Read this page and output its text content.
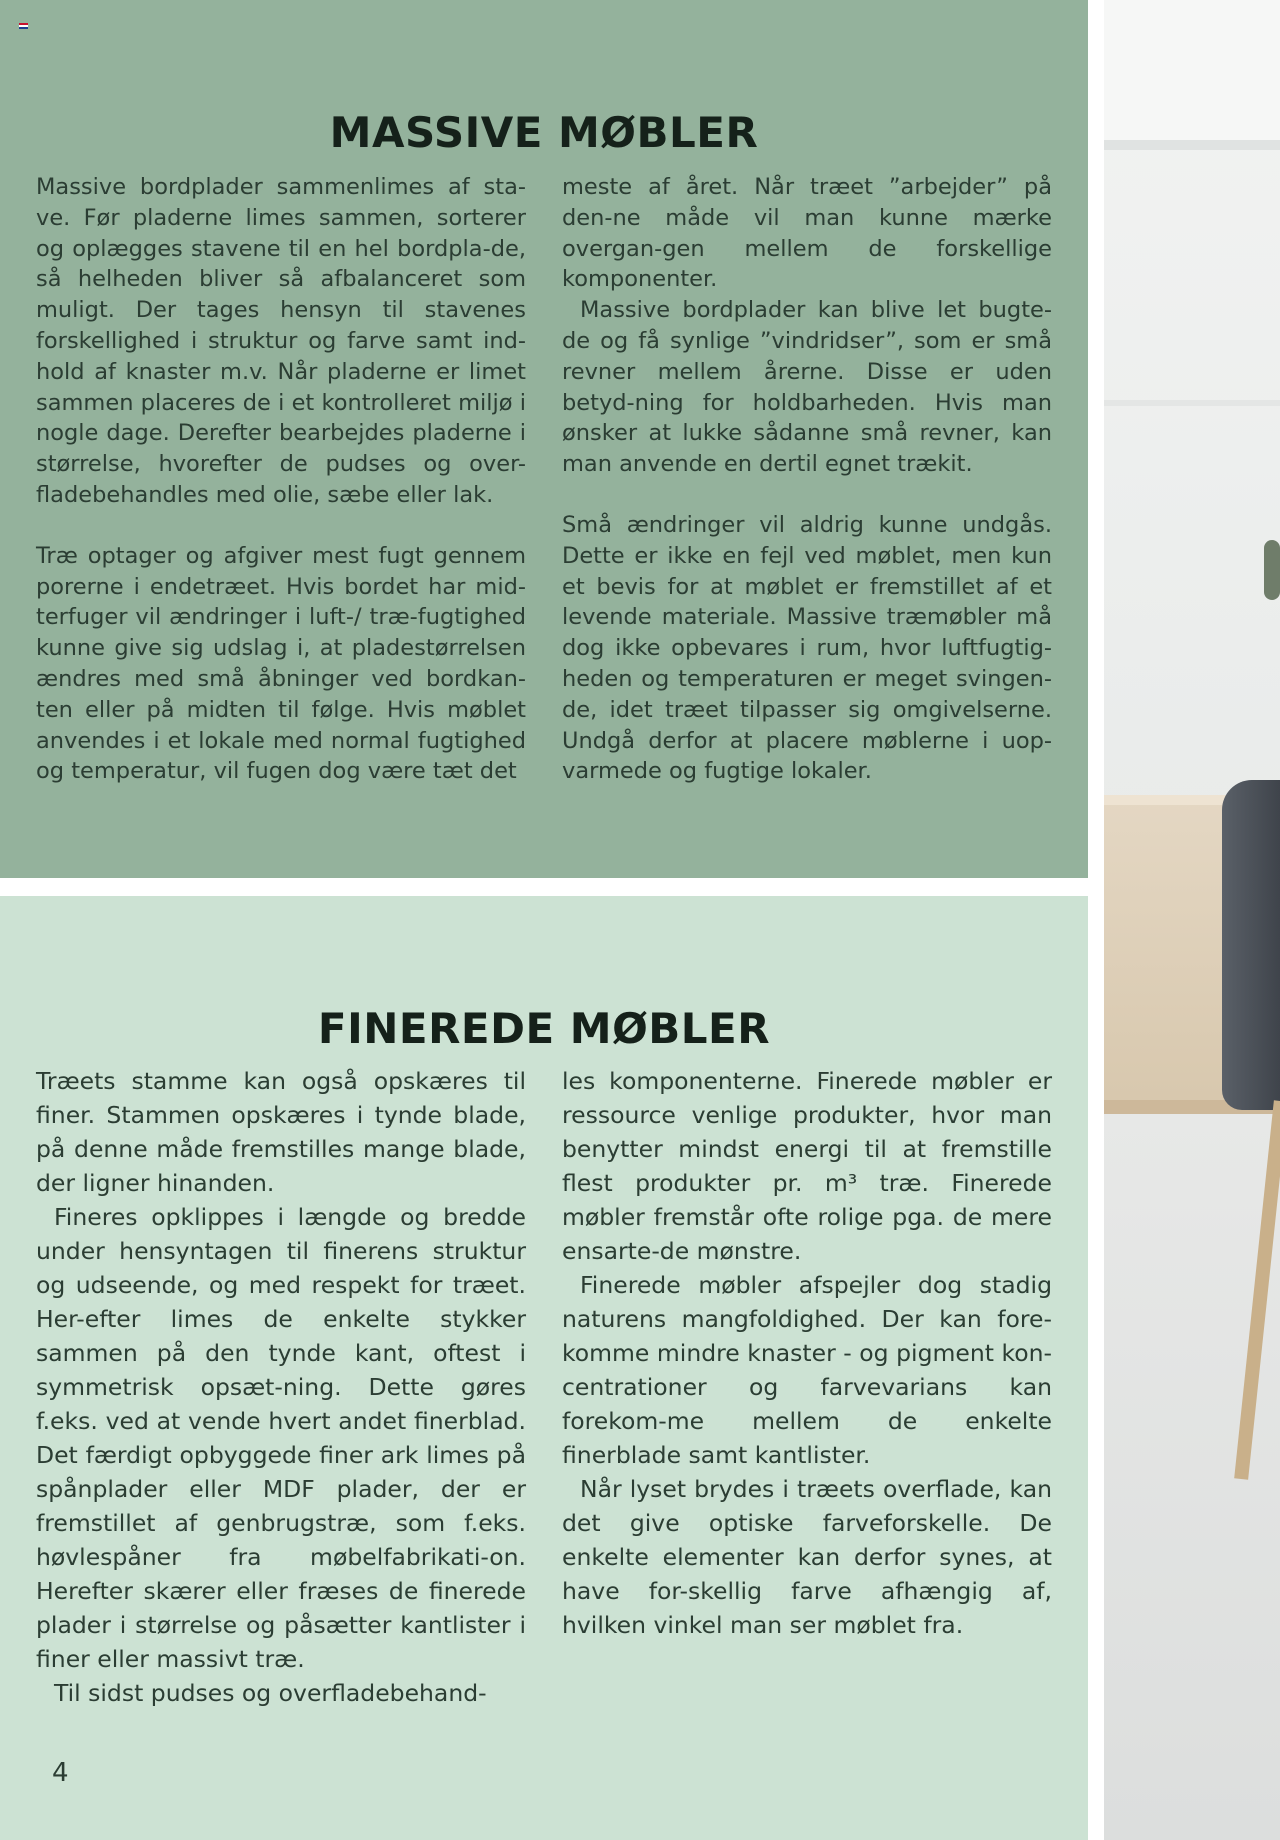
MASSIVE MØBLER

Massive bordplader sammenlimes af sta-ve. Før pladerne limes sammen, sorterer og oplægges stavene til en hel bordpla-de, så helheden bliver så afbalanceret som muligt. Der tages hensyn til stavenes forskellighed i struktur og farve samt ind-hold af knaster m.v. Når pladerne er limet sammen placeres de i et kontrolleret miljø i nogle dage. Derefter bearbejdes pladerne i størrelse, hvorefter de pudses og over-fladebehandles med olie, sæbe eller lak.

Træ optager og afgiver mest fugt gennem porerne i endetræet. Hvis bordet har mid-terfuger vil ændringer i luft-/ træ-fugtighed kunne give sig udslag i, at pladestørrelsen ændres med små åbninger ved bordkan-ten eller på midten til følge. Hvis møblet anvendes i et lokale med normal fugtighed og temperatur, vil fugen dog være tæt det

meste af året. Når træet ”arbejder” på den-ne måde vil man kunne mærke overgan-gen mellem de forskellige komponenter.

Massive bordplader kan blive let bugte-de og få synlige ”vindridser”, som er små revner mellem årerne. Disse er uden betyd-ning for holdbarheden. Hvis man ønsker at lukke sådanne små revner, kan man anvende en dertil egnet trækit.

Små ændringer vil aldrig kunne undgås. Dette er ikke en fejl ved møblet, men kun et bevis for at møblet er fremstillet af et levende materiale. Massive træmøbler må dog ikke opbevares i rum, hvor luftfugtig-heden og temperaturen er meget svingen-de, idet træet tilpasser sig omgivelserne. Undgå derfor at placere møblerne i uop-varmede og fugtige lokaler.

FINEREDE MØBLER

Træets stamme kan også opskæres til finer. Stammen opskæres i tynde blade, på denne måde fremstilles mange blade, der ligner hinanden.

Fineres opklippes i længde og bredde under hensyntagen til finerens struktur og udseende, og med respekt for træet. Her-efter limes de enkelte stykker sammen på den tynde kant, oftest i symmetrisk opsæt-ning. Dette gøres f.eks. ved at vende hvert andet finerblad. Det færdigt opbyggede finer ark limes på spånplader eller MDF plader, der er fremstillet af genbrugstræ, som f.eks. høvlespåner fra møbelfabrikati-on. Herefter skærer eller fræses de finerede plader i størrelse og påsætter kantlister i finer eller massivt træ.

Til sidst pudses og overfladebehand-

les komponenterne. Finerede møbler er ressource venlige produkter, hvor man benytter mindst energi til at fremstille flest produkter pr. m³ træ. Finerede møbler fremstår ofte rolige pga. de mere ensarte-de mønstre.

Finerede møbler afspejler dog stadig naturens mangfoldighed. Der kan fore-komme mindre knaster - og pigment kon-centrationer og farvevarians kan forekom-me mellem de enkelte finerblade samt kantlister.

Når lyset brydes i træets overflade, kan det give optiske farveforskelle. De enkelte elementer kan derfor synes, at have for-skellig farve afhængig af, hvilken vinkel man ser møblet fra.

4
